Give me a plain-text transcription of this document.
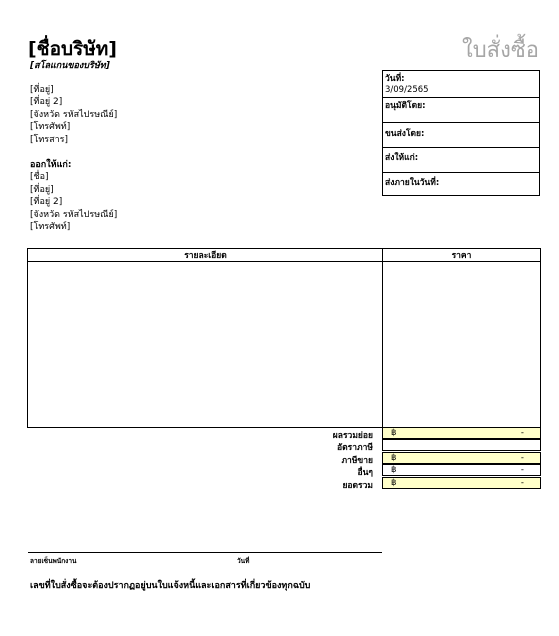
[ชื่อบริษัท]
[สโลแกนของบริษัท]
ใบสั่งซื้อ
[ที่อยู่]
[ที่อยู่ 2]
[จังหวัด รหัสไปรษณีย์]
[โทรศัพท์]
[โทรสาร]
ออกให้แก่:
[ชื่อ]
[ที่อยู่]
[ที่อยู่ 2]
[จังหวัด รหัสไปรษณีย์]
[โทรศัพท์]
วันที่:
3/09/2565
อนุมัติโดย:
ขนส่งโดย:
ส่งให้แก่:
ส่งภายในวันที่:
รายละเอียด	ราคา
ผลรวมย่อย ฿	-
อัตราภาษี
ภาษีขาย ฿	-
อื่นๆ ฿	-
ยอดรวม ฿	-
ลายเซ็นพนักงาน	วันที่
เลขที่ใบสั่งซื้อจะต้องปรากฏอยู่บนใบแจ้งหนี้และเอกสารที่เกี่ยวข้องทุกฉบับ
